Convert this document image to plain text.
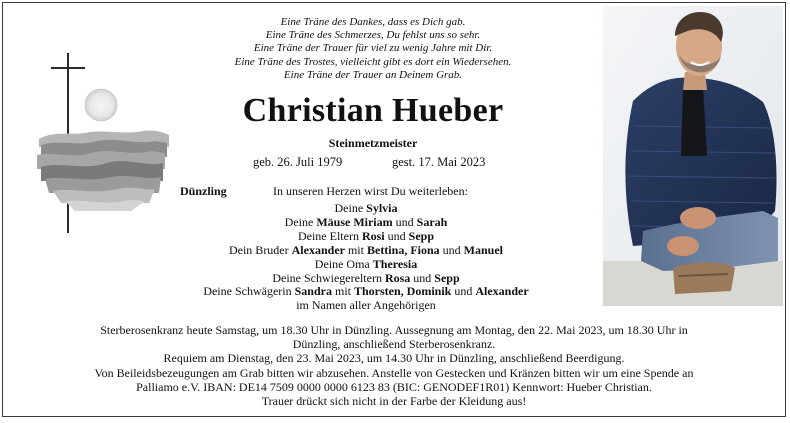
Eine Träne des Dankes, dass es Dich gab.
Eine Träne des Schmerzes, Du fehlst uns so sehr.
Eine Träne der Trauer für viel zu wenig Jahre mit Dir.
Eine Träne des Trostes, vielleicht gibt es dort ein Wiedersehen.
Eine Träne der Trauer an Deinem Grab.
Christian Hueber
Steinmetzmeister
geb. 26. Juli 1979	gest. 17. Mai 2023
Dünzling	In unseren Herzen wirst Du weiterleben:
Deine Sylvia
Deine Mäuse Miriam und Sarah
Deine Eltern Rosi und Sepp
Dein Bruder Alexander mit Bettina, Fiona und Manuel
Deine Oma Theresia
Deine Schwiegereltern Rosa und Sepp
Deine Schwägerin Sandra mit Thorsten, Dominik und Alexander
im Namen aller Angehörigen
Sterberosenkranz heute Samstag, um 18.30 Uhr in Dünzling. Aussegnung am Montag, den 22. Mai 2023, um 18.30 Uhr in
Dünzling, anschließend Sterberosenkranz.
Requiem am Dienstag, den 23. Mai 2023, um 14.30 Uhr in Dünzling, anschließend Beerdigung.
Von Beileidsbezeugungen am Grab bitten wir abzusehen. Anstelle von Gestecken und Kränzen bitten wir um eine Spende an
Palliamo e.V. IBAN: DE14 7509 0000 0000 6123 83 (BIC: GENODEF1R01) Kennwort: Hueber Christian.
Trauer drückt sich nicht in der Farbe der Kleidung aus!
